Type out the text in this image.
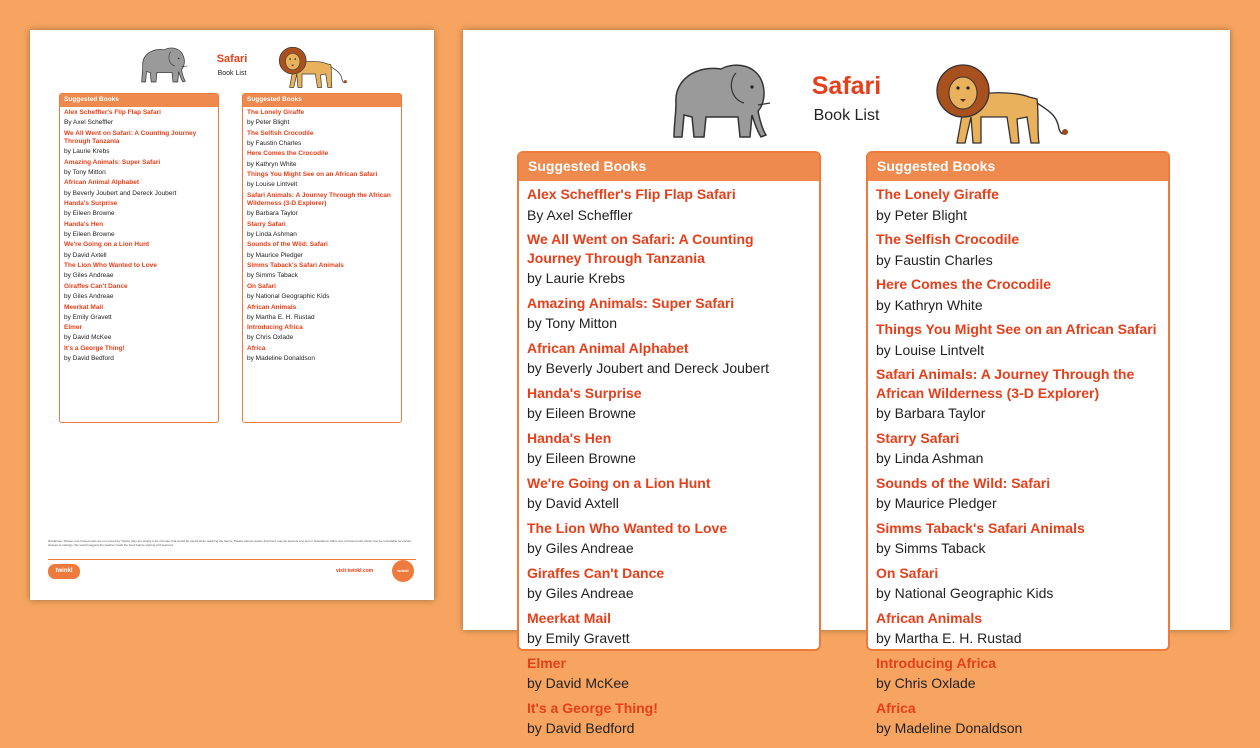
Safari
Book List
Suggested Books
Alex Scheffler's Flip Flap Safari
By Axel Scheffler
We All Went on Safari: A Counting Journey Through Tanzania
by Laurie Krebs
Amazing Animals: Super Safari
by Tony Mitton
African Animal Alphabet
by Beverly Joubert and Dereck Joubert
Handa's Surprise
by Eileen Browne
Handa's Hen
by Eileen Browne
We're Going on a Lion Hunt
by David Axtell
The Lion Who Wanted to Love
by Giles Andreae
Giraffes Can't Dance
by Giles Andreae
Meerkat Mail
by Emily Gravett
Elmer
by David McKee
It's a George Thing!
by David Bedford
Suggested Books
The Lonely Giraffe
by Peter Blight
The Selfish Crocodile
by Faustin Charles
Here Comes the Crocodile
by Kathryn White
Things You Might See on an African Safari
by Louise Lintvelt
Safari Animals: A Journey Through the African Wilderness (3-D Explorer)
by Barbara Taylor
Starry Safari
by Linda Ashman
Sounds of the Wild: Safari
by Maurice Pledger
Simms Taback's Safari Animals
by Simms Taback
On Safari
by National Geographic Kids
African Animals
by Martha E. H. Rustad
Introducing Africa
by Chris Oxlade
Africa
by Madeline Donaldson
Disclaimer: Please note these books are not owned by Twinkl, they are simply a list of books that would be useful when teaching the theme. Please also be aware that there may be aspects of a text or illustrations within any of these books which may be unsuitable for certain classes or settings. We would suggest the teacher reads the book before sharing with learners.
twinkl	visit twinkl.com	twinkl
Safari
Book List
Suggested Books
Alex Scheffler's Flip Flap Safari
By Axel Scheffler
We All Went on Safari: A Counting Journey Through Tanzania
by Laurie Krebs
Amazing Animals: Super Safari
by Tony Mitton
African Animal Alphabet
by Beverly Joubert and Dereck Joubert
Handa's Surprise
by Eileen Browne
Handa's Hen
by Eileen Browne
We're Going on a Lion Hunt
by David Axtell
The Lion Who Wanted to Love
by Giles Andreae
Giraffes Can't Dance
by Giles Andreae
Meerkat Mail
by Emily Gravett
Elmer
by David McKee
It's a George Thing!
by David Bedford
Suggested Books
The Lonely Giraffe
by Peter Blight
The Selfish Crocodile
by Faustin Charles
Here Comes the Crocodile
by Kathryn White
Things You Might See on an African Safari
by Louise Lintvelt
Safari Animals: A Journey Through the African Wilderness (3-D Explorer)
by Barbara Taylor
Starry Safari
by Linda Ashman
Sounds of the Wild: Safari
by Maurice Pledger
Simms Taback's Safari Animals
by Simms Taback
On Safari
by National Geographic Kids
African Animals
by Martha E. H. Rustad
Introducing Africa
by Chris Oxlade
Africa
by Madeline Donaldson
